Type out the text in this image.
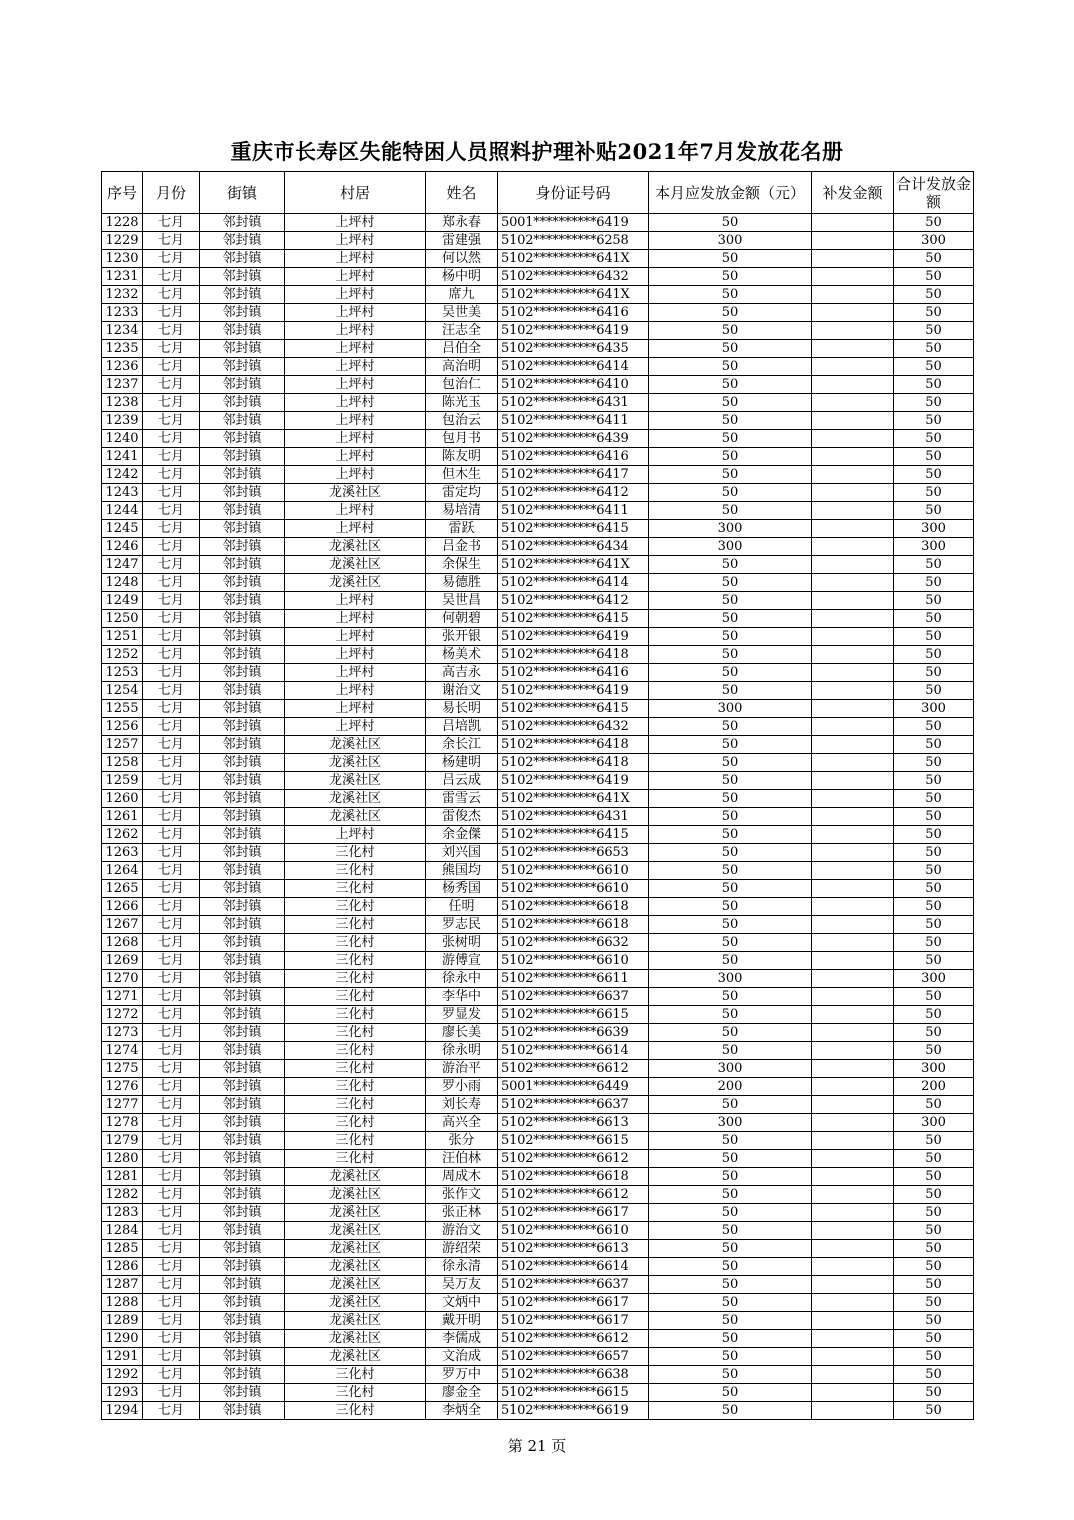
重庆市长寿区失能特困人员照料护理补贴2021年7月发放花名册
序号	月份	街镇	村居	姓名	身份证号码	本月应发放金额（元）	补发金额	合计发放金额
1228	七月	邻封镇	上坪村	郑永春	5001**********6419	50		50
1229	七月	邻封镇	上坪村	雷建强	5102**********6258	300		300
1230	七月	邻封镇	上坪村	何以然	5102**********641X	50		50
1231	七月	邻封镇	上坪村	杨中明	5102**********6432	50		50
1232	七月	邻封镇	上坪村	席九	5102**********641X	50		50
1233	七月	邻封镇	上坪村	吴世美	5102**********6416	50		50
1234	七月	邻封镇	上坪村	汪志全	5102**********6419	50		50
1235	七月	邻封镇	上坪村	吕伯全	5102**********6435	50		50
1236	七月	邻封镇	上坪村	高治明	5102**********6414	50		50
1237	七月	邻封镇	上坪村	包治仁	5102**********6410	50		50
1238	七月	邻封镇	上坪村	陈光玉	5102**********6431	50		50
1239	七月	邻封镇	上坪村	包治云	5102**********6411	50		50
1240	七月	邻封镇	上坪村	包月书	5102**********6439	50		50
1241	七月	邻封镇	上坪村	陈友明	5102**********6416	50		50
1242	七月	邻封镇	上坪村	但木生	5102**********6417	50		50
1243	七月	邻封镇	龙溪社区	雷定均	5102**********6412	50		50
1244	七月	邻封镇	上坪村	易培清	5102**********6411	50		50
1245	七月	邻封镇	上坪村	雷跃	5102**********6415	300		300
1246	七月	邻封镇	龙溪社区	吕金书	5102**********6434	300		300
1247	七月	邻封镇	龙溪社区	余保生	5102**********641X	50		50
1248	七月	邻封镇	龙溪社区	易德胜	5102**********6414	50		50
1249	七月	邻封镇	上坪村	吴世昌	5102**********6412	50		50
1250	七月	邻封镇	上坪村	何朝碧	5102**********6415	50		50
1251	七月	邻封镇	上坪村	张开银	5102**********6419	50		50
1252	七月	邻封镇	上坪村	杨美术	5102**********6418	50		50
1253	七月	邻封镇	上坪村	高吉永	5102**********6416	50		50
1254	七月	邻封镇	上坪村	谢治文	5102**********6419	50		50
1255	七月	邻封镇	上坪村	易长明	5102**********6415	300		300
1256	七月	邻封镇	上坪村	吕培凯	5102**********6432	50		50
1257	七月	邻封镇	龙溪社区	余长江	5102**********6418	50		50
1258	七月	邻封镇	龙溪社区	杨建明	5102**********6418	50		50
1259	七月	邻封镇	龙溪社区	吕云成	5102**********6419	50		50
1260	七月	邻封镇	龙溪社区	雷雪云	5102**********641X	50		50
1261	七月	邻封镇	龙溪社区	雷俊杰	5102**********6431	50		50
1262	七月	邻封镇	上坪村	余金傑	5102**********6415	50		50
1263	七月	邻封镇	三化村	刘兴国	5102**********6653	50		50
1264	七月	邻封镇	三化村	熊国均	5102**********6610	50		50
1265	七月	邻封镇	三化村	杨秀国	5102**********6610	50		50
1266	七月	邻封镇	三化村	任明	5102**********6618	50		50
1267	七月	邻封镇	三化村	罗志民	5102**********6618	50		50
1268	七月	邻封镇	三化村	张树明	5102**********6632	50		50
1269	七月	邻封镇	三化村	游傅宣	5102**********6610	50		50
1270	七月	邻封镇	三化村	徐永中	5102**********6611	300		300
1271	七月	邻封镇	三化村	李华中	5102**********6637	50		50
1272	七月	邻封镇	三化村	罗显发	5102**********6615	50		50
1273	七月	邻封镇	三化村	廖长美	5102**********6639	50		50
1274	七月	邻封镇	三化村	徐永明	5102**********6614	50		50
1275	七月	邻封镇	三化村	游治平	5102**********6612	300		300
1276	七月	邻封镇	三化村	罗小雨	5001**********6449	200		200
1277	七月	邻封镇	三化村	刘长寿	5102**********6637	50		50
1278	七月	邻封镇	三化村	高兴全	5102**********6613	300		300
1279	七月	邻封镇	三化村	张分	5102**********6615	50		50
1280	七月	邻封镇	三化村	汪伯林	5102**********6612	50		50
1281	七月	邻封镇	龙溪社区	周成木	5102**********6618	50		50
1282	七月	邻封镇	龙溪社区	张作文	5102**********6612	50		50
1283	七月	邻封镇	龙溪社区	张正林	5102**********6617	50		50
1284	七月	邻封镇	龙溪社区	游治文	5102**********6610	50		50
1285	七月	邻封镇	龙溪社区	游绍荣	5102**********6613	50		50
1286	七月	邻封镇	龙溪社区	徐永清	5102**********6614	50		50
1287	七月	邻封镇	龙溪社区	吴万友	5102**********6637	50		50
1288	七月	邻封镇	龙溪社区	文炳中	5102**********6617	50		50
1289	七月	邻封镇	龙溪社区	戴开明	5102**********6617	50		50
1290	七月	邻封镇	龙溪社区	李儒成	5102**********6612	50		50
1291	七月	邻封镇	龙溪社区	文治成	5102**********6657	50		50
1292	七月	邻封镇	三化村	罗万中	5102**********6638	50		50
1293	七月	邻封镇	三化村	廖金全	5102**********6615	50		50
1294	七月	邻封镇	三化村	李炳全	5102**********6619	50		50
第 21 页
